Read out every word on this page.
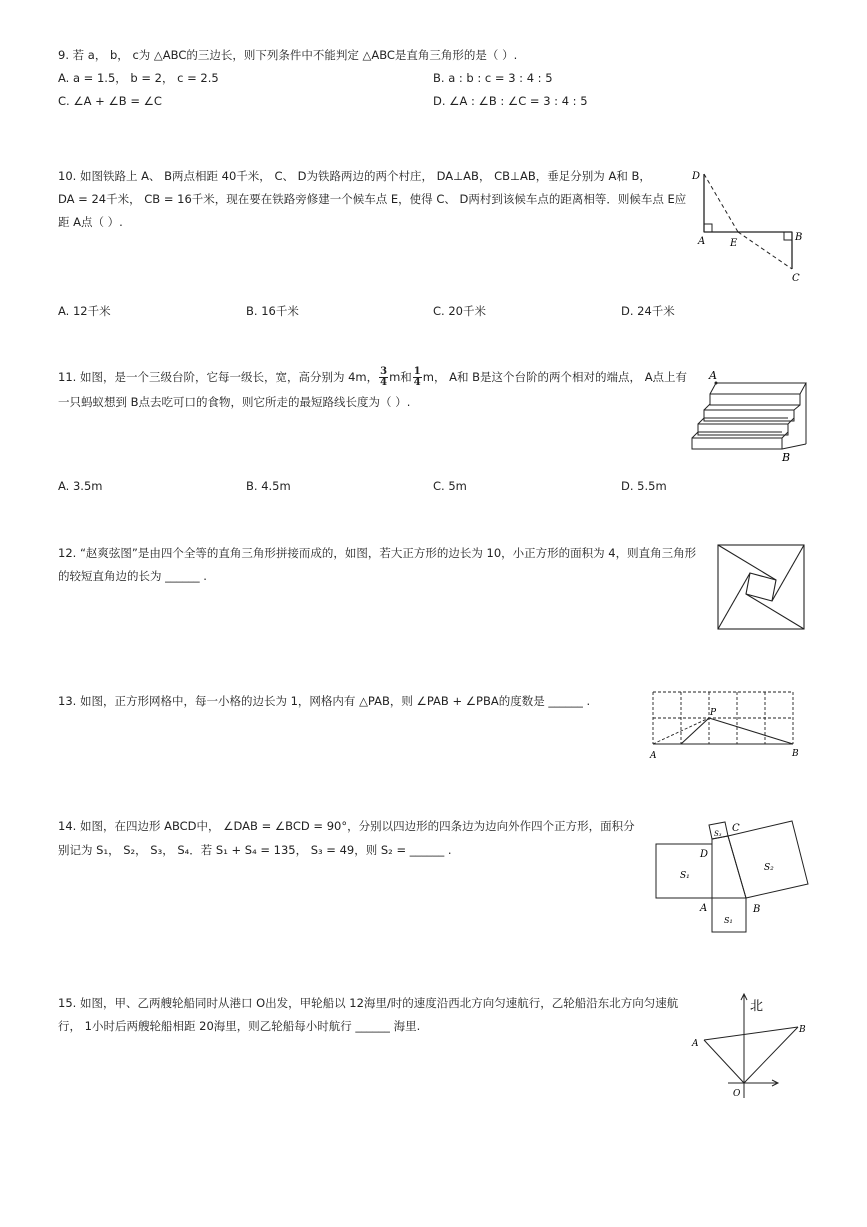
9. 若 a， b， c为 △ABC的三边长，则下列条件中不能判定 △ABC是直角三角形的是（ ）.
A. a = 1.5， b = 2， c = 2.5	B. a : b : c = 3 : 4 : 5
C. ∠A + ∠B = ∠C	D. ∠A : ∠B : ∠C = 3 : 4 : 5
10. 如图铁路上 A、 B两点相距 40千米， C、 D为铁路两边的两个村庄， DA⊥AB， CB⊥AB，垂足分别为 A和 B，
DA = 24千米， CB = 16千米，现在要在铁路旁修建一个候车点 E，使得 C、 D两村到该候车点的距离相等．则候车点 E应
距 A点（ ）.
A. 12千米	B. 16千米	C. 20千米	D. 24千米
D
A E
B
C
11. 如图，是一个三级台阶，它每一级长，宽，高分别为 4m， $\frac{3}{4}$ m和 $\frac{1}{4}$ m， A和 B是这个台阶的两个相对的端点， A点上有
一只蚂蚁想到 B点去吃可口的食物，则它所走的最短路线长度为（ ）.
A. 3.5m	B. 4.5m	C. 5m	D. 5.5m
A
B
12. “赵爽弦图”是由四个全等的直角三角形拼接而成的，如图，若大正方形的边长为 10，小正方形的面积为 4，则直角三角形
的较短直角边的长为 ______ .
13. 如图，正方形网格中，每一小格的边长为 1，网格内有 △PAB，则 ∠PAB + ∠PBA的度数是 ______ .
P
A	B
14. 如图，在四边形 ABCD中， ∠DAB = ∠BCD = 90°，分别以四边形的四条边为边向外作四个正方形，面积分
别记为 S₁， S₂， S₃， S₄．若 S₁ + S₄ = 135， S₃ = 49，则 S₂ = ______ .
S₃ C
D
S₂
S₁
A	B
S₁
15. 如图，甲、乙两艘轮船同时从港口 O出发，甲轮船以 12海里/时的速度沿西北方向匀速航行，乙轮船沿东北方向匀速航
行， 1小时后两艘轮船相距 20海里，则乙轮船每小时航行 ______ 海里.
北
A
B
O
